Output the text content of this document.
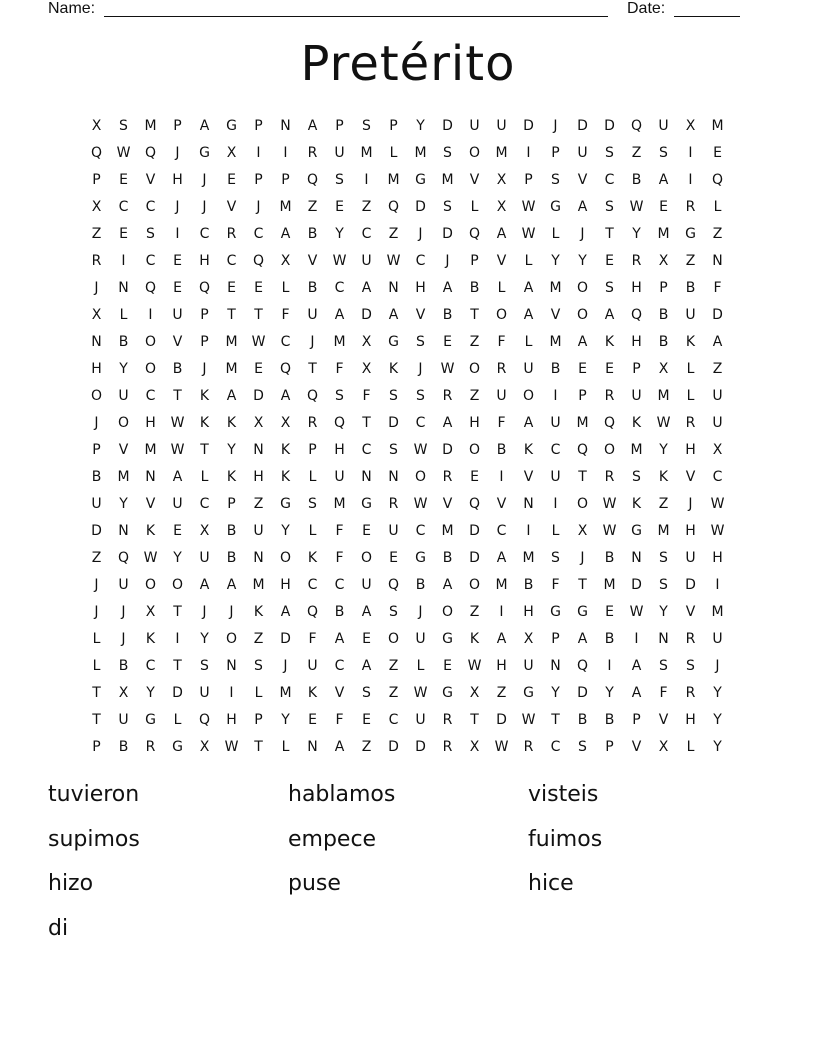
Name:	Date:
Pretérito
X	S	M	P	A	G	P	N	A	P	S	P	Y	D	U	U	D	J	D	D	Q	U	X	M
Q	W	Q	J	G	X	I	I	R	U	M	L	M	S	O	M	I	P	U	S	Z	S	I	E
P	E	V	H	J	E	P	P	Q	S	I	M	G	M	V	X	P	S	V	C	B	A	I	Q
X	C	C	J	J	V	J	M	Z	E	Z	Q	D	S	L	X	W	G	A	S	W	E	R	L
Z	E	S	I	C	R	C	A	B	Y	C	Z	J	D	Q	A	W	L	J	T	Y	M	G	Z
R	I	C	E	H	C	Q	X	V	W	U	W	C	J	P	V	L	Y	Y	E	R	X	Z	N
J	N	Q	E	Q	E	E	L	B	C	A	N	H	A	B	L	A	M	O	S	H	P	B	F
X	L	I	U	P	T	T	F	U	A	D	A	V	B	T	O	A	V	O	A	Q	B	U	D
N	B	O	V	P	M	W	C	J	M	X	G	S	E	Z	F	L	M	A	K	H	B	K	A
H	Y	O	B	J	M	E	Q	T	F	X	K	J	W	O	R	U	B	E	E	P	X	L	Z
O	U	C	T	K	A	D	A	Q	S	F	S	S	R	Z	U	O	I	P	R	U	M	L	U
J	O	H	W	K	K	X	X	R	Q	T	D	C	A	H	F	A	U	M	Q	K	W	R	U
P	V	M	W	T	Y	N	K	P	H	C	S	W	D	O	B	K	C	Q	O	M	Y	H	X
B	M	N	A	L	K	H	K	L	U	N	N	O	R	E	I	V	U	T	R	S	K	V	C
U	Y	V	U	C	P	Z	G	S	M	G	R	W	V	Q	V	N	I	O	W	K	Z	J	W
D	N	K	E	X	B	U	Y	L	F	E	U	C	M	D	C	I	L	X	W	G	M	H	W
Z	Q	W	Y	U	B	N	O	K	F	O	E	G	B	D	A	M	S	J	B	N	S	U	H
J	U	O	O	A	A	M	H	C	C	U	Q	B	A	O	M	B	F	T	M	D	S	D	I
J	J	X	T	J	J	K	A	Q	B	A	S	J	O	Z	I	H	G	G	E	W	Y	V	M
L	J	K	I	Y	O	Z	D	F	A	E	O	U	G	K	A	X	P	A	B	I	N	R	U
L	B	C	T	S	N	S	J	U	C	A	Z	L	E	W	H	U	N	Q	I	A	S	S	J
T	X	Y	D	U	I	L	M	K	V	S	Z	W	G	X	Z	G	Y	D	Y	A	F	R	Y
T	U	G	L	Q	H	P	Y	E	F	E	C	U	R	T	D	W	T	B	B	P	V	H	Y
P	B	R	G	X	W	T	L	N	A	Z	D	D	R	X	W	R	C	S	P	V	X	L	Y
tuvieron	hablamos	visteis
supimos	empece	fuimos
hizo	puse	hice
di
